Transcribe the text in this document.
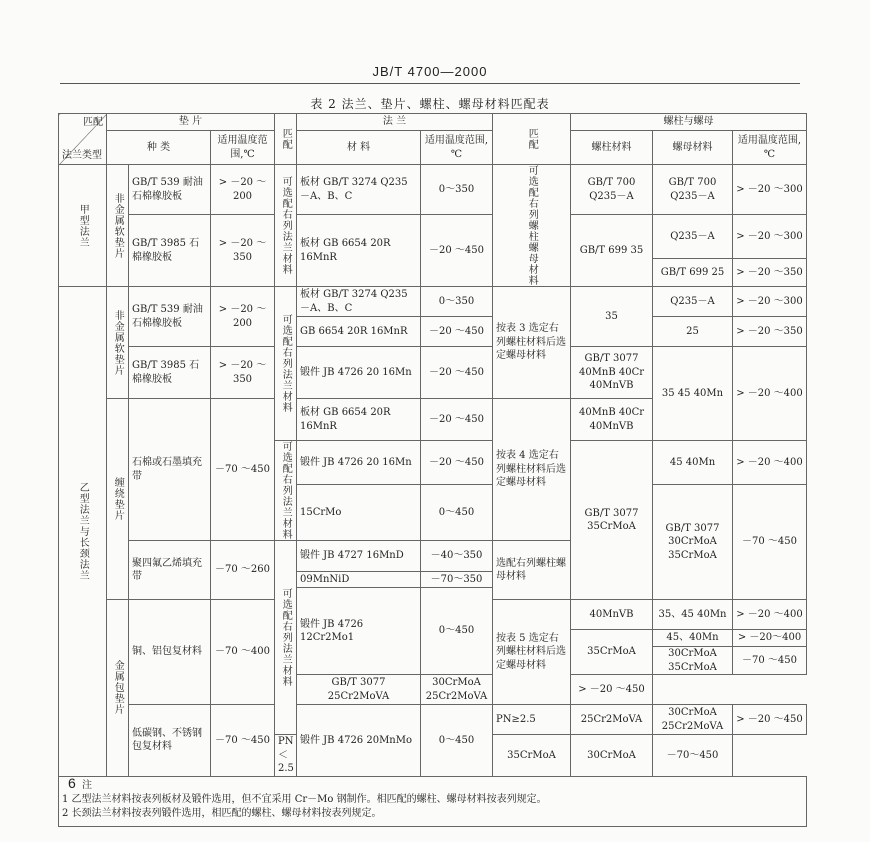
JB/T 4700—2000
表 2 法兰、垫片、螺柱、螺母材料匹配表
匹配
法兰类型	垫 片			匹配	法 兰		匹配	螺柱与螺母		
	种 类		适用温度范围,℃		材 料	适用温度范围,℃		螺柱材料	螺母材料	适用温度范围,℃
甲型法兰	非金属软垫片	GB/T 539 耐油石棉橡胶板	> －20 ～200	可选配右列法兰材料	板材 GB/T 3274 Q235－A、B、C	0～350	可选配右列螺柱螺母材料	GB/T 700 Q235－A	GB/T 700 Q235－A	> －20 ～300

		GB/T 3985 石棉橡胶板	> －20 ～350		板材 GB 6654 20R 16MnR	－20 ～450		GB/T 699 35	Q235－A	> －20 ～300
									GB/T 699 25	> －20 ～350
乙型法兰与长颈法兰	非金属软垫片	GB/T 539 耐油石棉橡胶板	> －20 ～200	可选配右列法兰材料	板材 GB/T 3274 Q235－A、B、C	0～350	按表 3 选定右列螺柱材料后选定螺母材料	35	Q235－A	> －20 ～300
					GB 6654 20R 16MnR	－20 ～450			25	> －20 ～350
		GB/T 3985 石棉橡胶板	> －20 ～350		锻件 JB 4726 20 16Mn	－20 ～450		GB/T 3077 40MnB 40Cr 40MnVB	35 45 40Mn	> －20 ～400
	缠绕垫片	石棉或石墨填充带	－70 ～450		板材 GB 6654 20R 16MnR	－20 ～450	按表 4 选定右列螺柱材料后选定螺母材料	40MnB 40Cr 40MnVB		
				可选配右列法兰材料	锻件 JB 4726 20 16Mn	－20 ～450		GB/T 3077 35CrMoA	45 40Mn	> －20 ～400
					15CrMo	0～450			GB/T 3077 30CrMoA 35CrMoA	－70 ～450
		聚四氟乙烯填充带	－70 ～260	可选配右列法兰材料	锻件 JB 4727 16MnD	－40～350	选配右列螺柱螺母材料			
					09MnNiD	－70～350				
					锻件 JB 4726 12Cr2Mo1	0～450				
	金属包垫片	铜、铝包复材料	－70 ～400				按表 5 选定右列螺柱材料后选定螺母材料	40MnVB	35、45 40Mn	> －20 ～400

								35CrMoA	45、40Mn	> －20～400
									30CrMoA 35CrMoA	－70 ～450
					GB/T 3077 25Cr2MoVA	30CrMoA 25Cr2MoVA		> －20 ～450		
		低碳钢、不锈钢包复材料	－70 ～450		锻件 JB 4726 20MnMo	0～450	PN≥2.5	25Cr2MoVA	30CrMoA 25Cr2MoVA	> －20 ～450
				PN＜2.5			35CrMoA	30CrMoA	－70～450	

注
1 乙型法兰材料按表列板材及锻件选用，但不宜采用 Cr－Mo 钢制作。相匹配的螺柱、螺母材料按表列规定。
2 长颈法兰材料按表列锻件选用，相匹配的螺柱、螺母材料按表列规定。										
6
